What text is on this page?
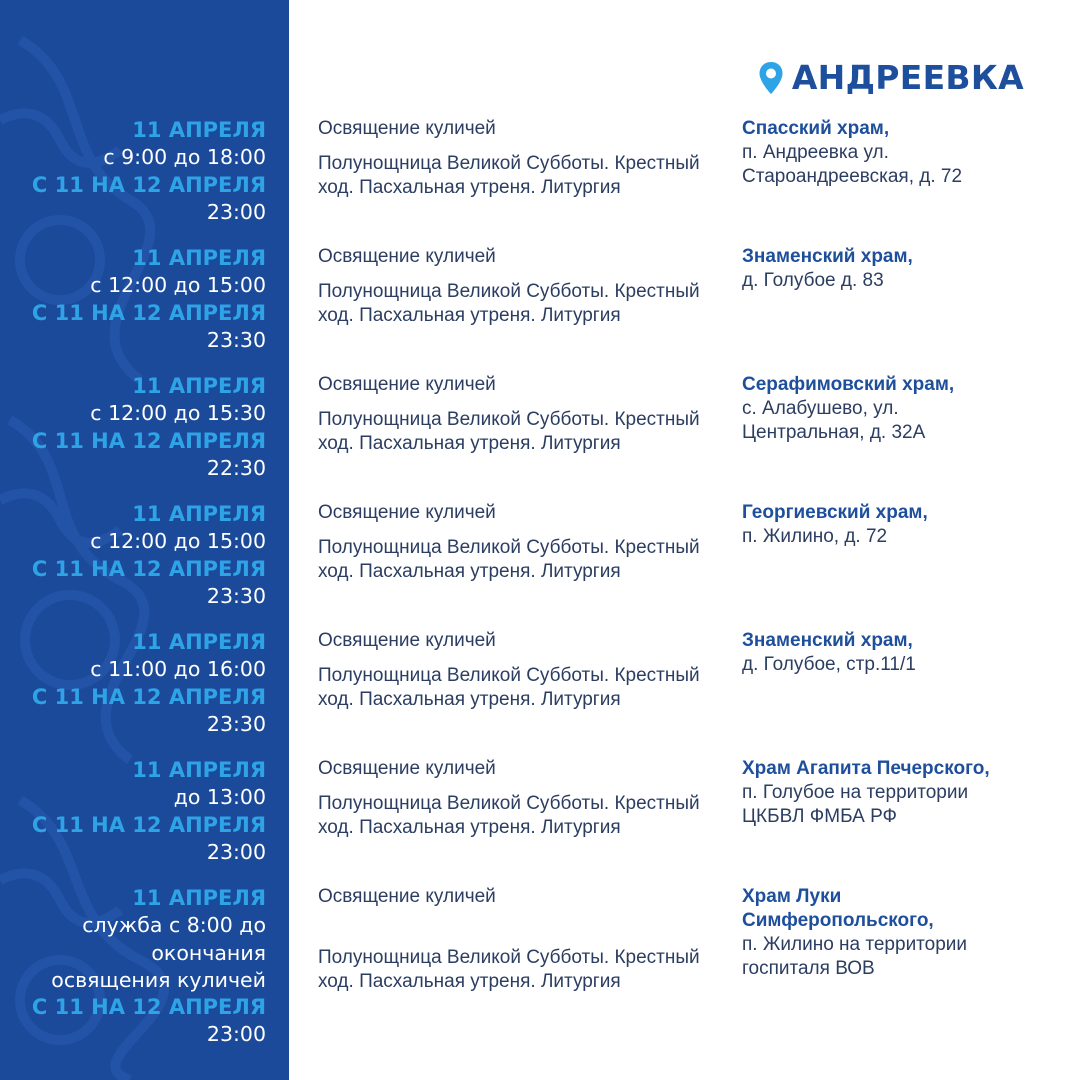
АНДРЕЕВКА
11 АПРЕЛЯ
с 9:00 до 18:00
С 11 НА 12 АПРЕЛЯ
23:00
Освящение куличей
Полунощница Великой Субботы. Крестный ход. Пасхальная утреня. Литургия
Спасский храм,
п. Андреевка ул. Староандреевская, д. 72
11 АПРЕЛЯ
с 12:00 до 15:00
С 11 НА 12 АПРЕЛЯ
23:30
Освящение куличей
Полунощница Великой Субботы. Крестный ход. Пасхальная утреня. Литургия
Знаменский храм,
д. Голубое д. 83
11 АПРЕЛЯ
с 12:00 до 15:30
С 11 НА 12 АПРЕЛЯ
22:30
Освящение куличей
Полунощница Великой Субботы. Крестный ход. Пасхальная утреня. Литургия
Серафимовский храм,
с. Алабушево, ул. Центральная, д. 32А
11 АПРЕЛЯ
с 12:00 до 15:00
С 11 НА 12 АПРЕЛЯ
23:30
Освящение куличей
Полунощница Великой Субботы. Крестный ход. Пасхальная утреня. Литургия
Георгиевский храм,
п. Жилино, д. 72
11 АПРЕЛЯ
с 11:00 до 16:00
С 11 НА 12 АПРЕЛЯ
23:30
Освящение куличей
Полунощница Великой Субботы. Крестный ход. Пасхальная утреня. Литургия
Знаменский храм,
д. Голубое, стр.11/1
11 АПРЕЛЯ
до 13:00
С 11 НА 12 АПРЕЛЯ
23:00
Освящение куличей
Полунощница Великой Субботы. Крестный ход. Пасхальная утреня. Литургия
Храм Агапита Печерского,
п. Голубое на территории ЦКБВЛ ФМБА РФ
11 АПРЕЛЯ
служба с 8:00 до окончания освящения куличей
С 11 НА 12 АПРЕЛЯ
23:00
Освящение куличей
Полунощница Великой Субботы. Крестный ход. Пасхальная утреня. Литургия
Храм Луки Симферопольского,
п. Жилино на территории госпиталя ВОВ
